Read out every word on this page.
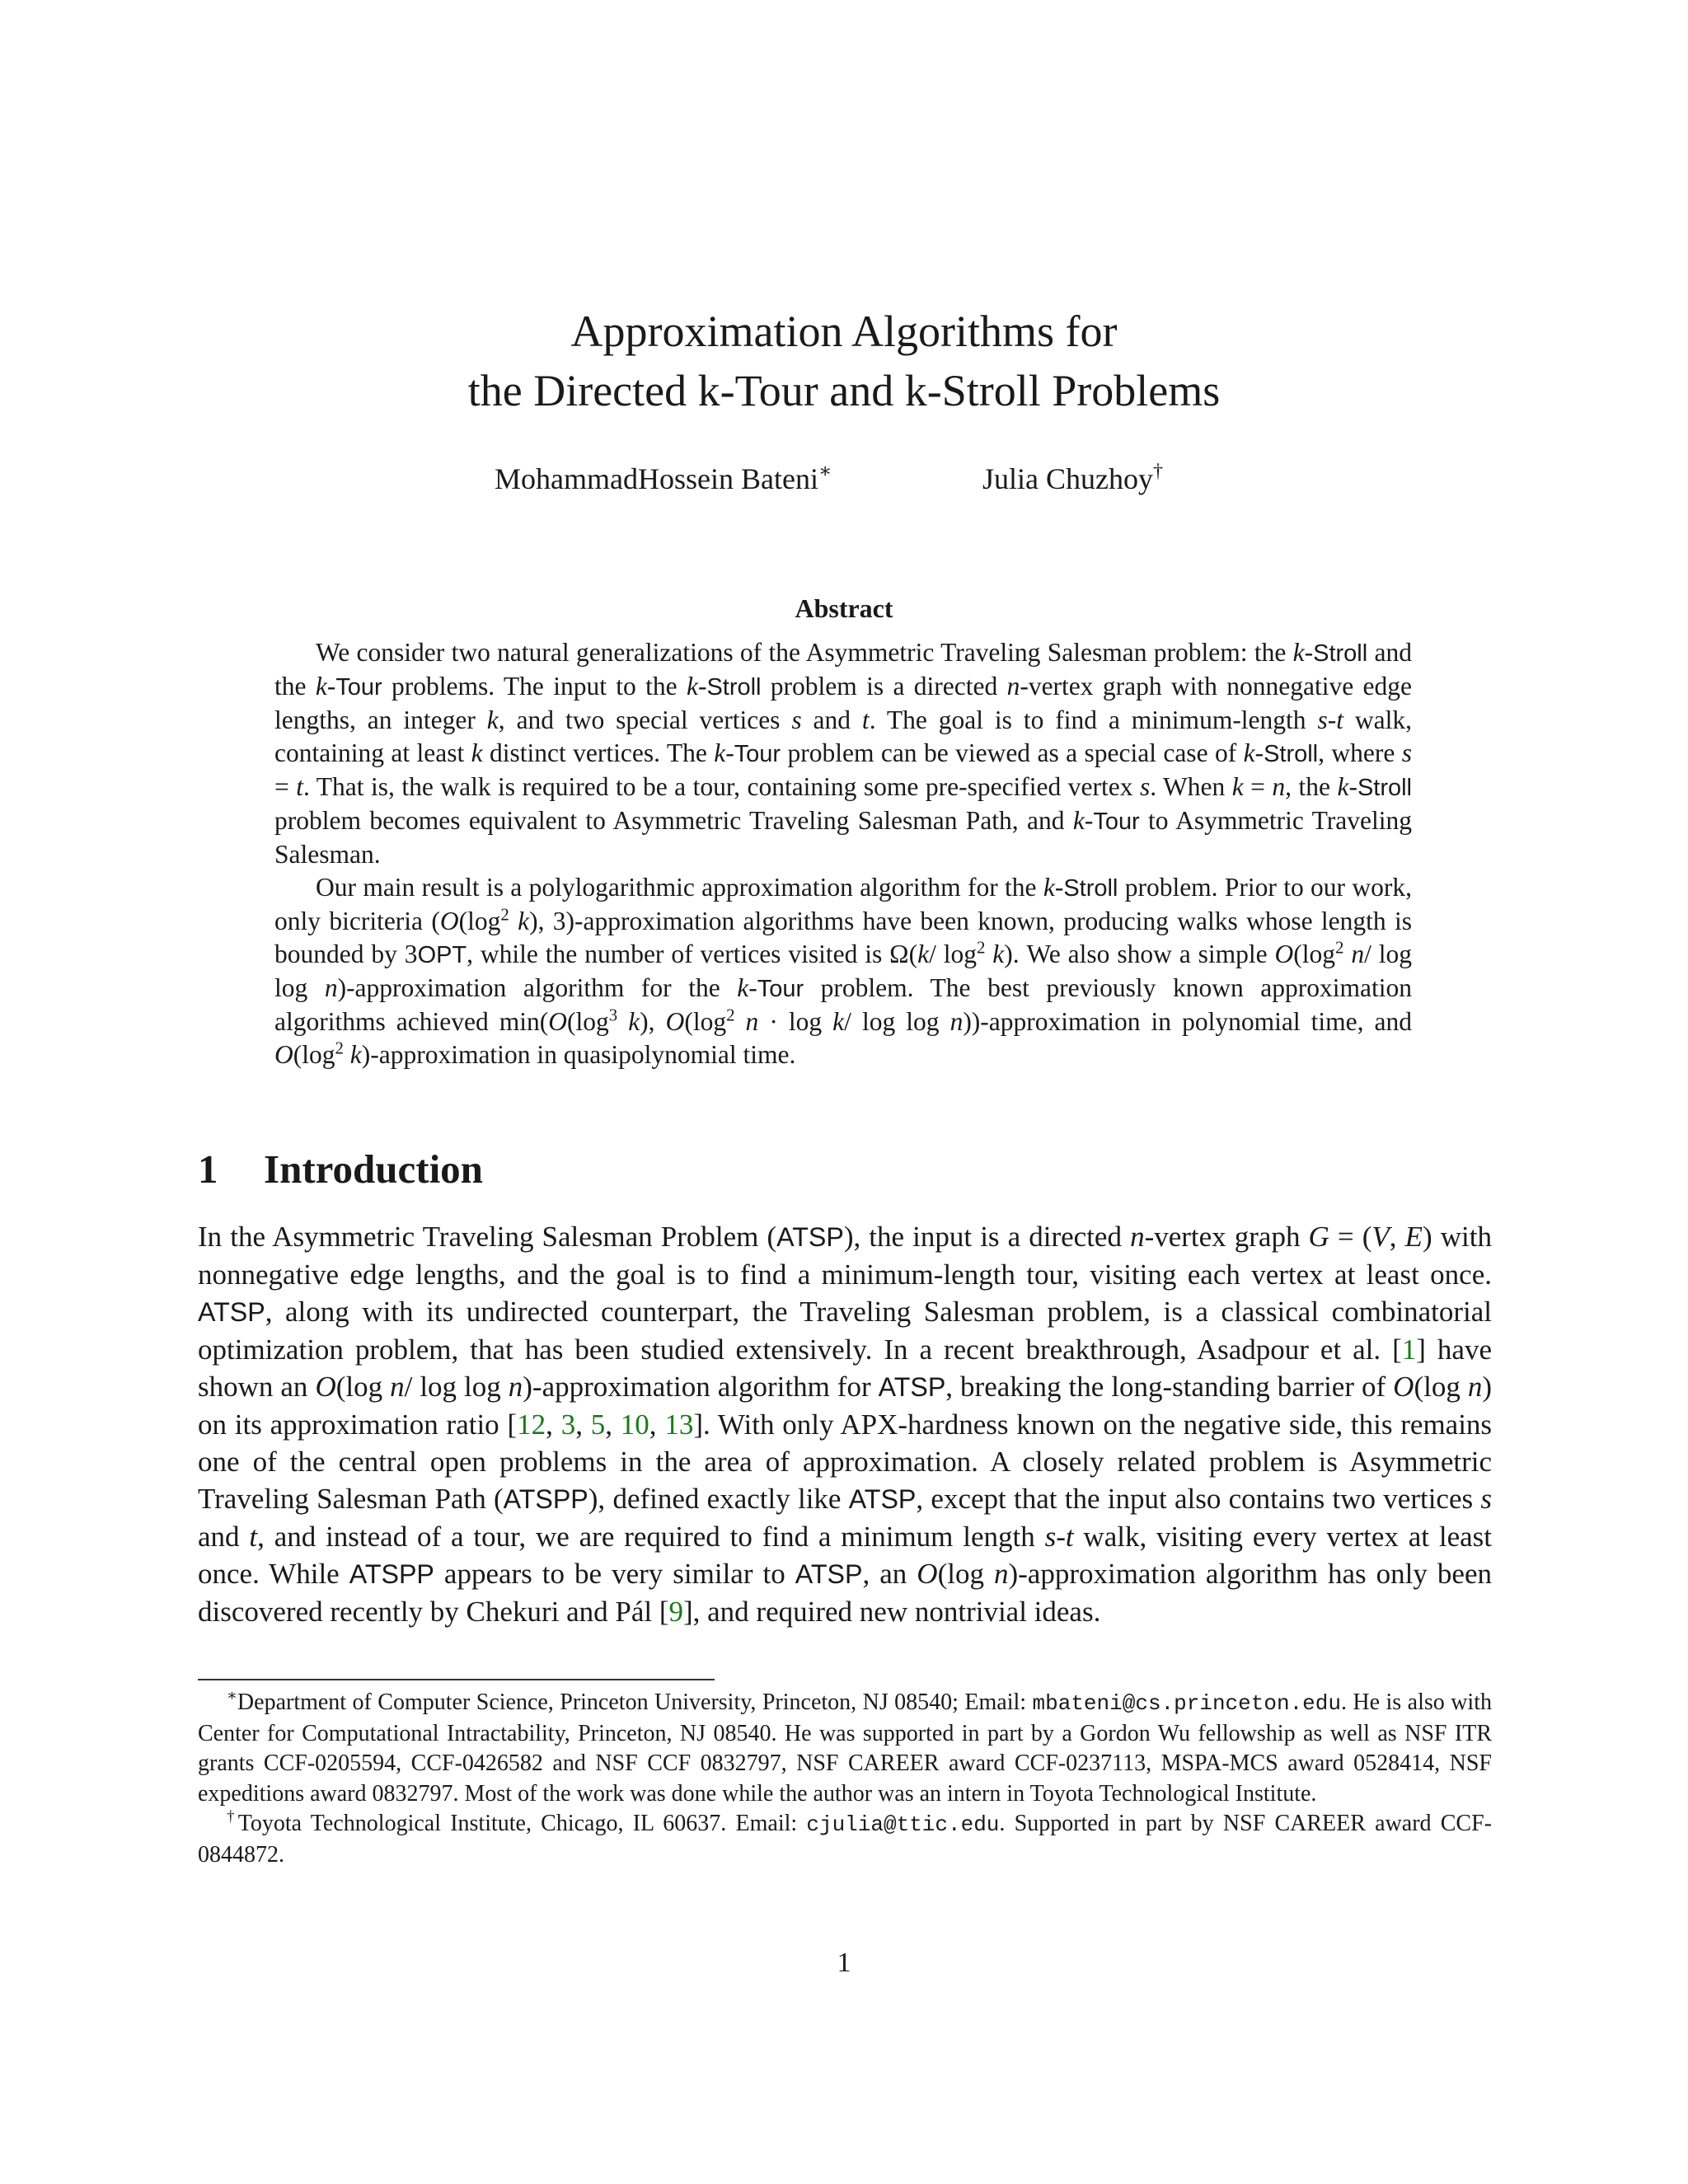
Approximation Algorithms for
the Directed k-Tour and k-Stroll Problems
MohammadHossein Bateni∗	Julia Chuzhoy†
Abstract

We consider two natural generalizations of the Asymmetric Traveling Salesman problem: the k-Stroll and the k-Tour problems. The input to the k-Stroll problem is a directed n-vertex graph with nonnegative edge lengths, an integer k, and two special vertices s and t. The goal is to find a minimum-length s-t walk, containing at least k distinct vertices. The k-Tour problem can be viewed as a special case of k-Stroll, where s = t. That is, the walk is required to be a tour, containing some pre-specified vertex s. When k = n, the k-Stroll problem becomes equivalent to Asymmetric Traveling Salesman Path, and k-Tour to Asymmetric Traveling Salesman.

Our main result is a polylogarithmic approximation algorithm for the k-Stroll problem. Prior to our work, only bicriteria ($O(\log^2$ k), 3)-approximation algorithms have been known, producing walks whose length is bounded by 3OPT, while the number of vertices visited is Ω(k/ $\log^2 k$). We also show a simple $O(\log^2$ n/ log log n)-approximation algorithm for the k-Tour problem. The best previously known approximation algorithms achieved $\min(O(\log^3$ k), $O(\log^2$ n · log k/ log log n))-approximation in polynomial time, and $O(\log^2$ k)-approximation in quasipolynomial time.

1 Introduction

In the Asymmetric Traveling Salesman Problem (ATSP), the input is a directed n-vertex graph G = (V, E) with nonnegative edge lengths, and the goal is to find a minimum-length tour, visiting each vertex at least once. ATSP, along with its undirected counterpart, the Traveling Salesman problem, is a classical combinatorial optimization problem, that has been studied extensively. In a recent breakthrough, Asadpour et al. [1] have shown an O(log n/ log log n)-approximation algorithm for ATSP, breaking the long-standing barrier of O(log n) on its approximation ratio [12, 3, 5, 10, 13]. With only APX-hardness known on the negative side, this remains one of the central open problems in the area of approximation. A closely related problem is Asymmetric Traveling Salesman Path (ATSPP), defined exactly like ATSP, except that the input also contains two vertices s and t, and instead of a tour, we are required to find a minimum length s-t walk, visiting every vertex at least once. While ATSPP appears to be very similar to ATSP, an O(log n)-approximation algorithm has only been discovered recently by Chekuri and Pál [9], and required new nontrivial ideas.

∗Department of Computer Science, Princeton University, Princeton, NJ 08540; Email: mbateni@cs.princeton.edu. He is also with Center for Computational Intractability, Princeton, NJ 08540. He was supported in part by a Gordon Wu fellowship as well as NSF ITR grants CCF-0205594, CCF-0426582 and NSF CCF 0832797, NSF CAREER award CCF-0237113, MSPA-MCS award 0528414, NSF expeditions award 0832797. Most of the work was done while the author was an intern in Toyota Technological Institute.

†Toyota Technological Institute, Chicago, IL 60637. Email: cjulia@ttic.edu. Supported in part by NSF CAREER award CCF-0844872.

1
